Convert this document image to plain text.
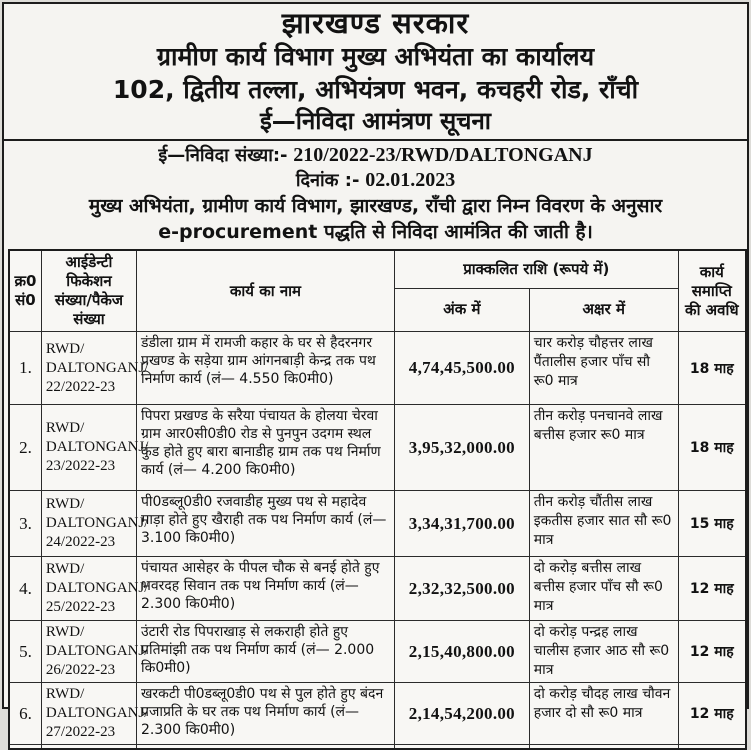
झारखण्ड सरकार
ग्रामीण कार्य विभाग मुख्य अभियंता का कार्यालय
102, द्वितीय तल्ला, अभियंत्रण भवन, कचहरी रोड, राँची
ई—निविदा आमंत्रण सूचना
ई—निविदा संख्या:- 210/2022-23/RWD/DALTONGANJ
दिनांक :- 02.01.2023
मुख्य अभियंता, ग्रामीण कार्य विभाग, झारखण्ड, राँची द्वारा निम्न विवरण के अनुसार
e-procurement पद्धति से निविदा आमंत्रित की जाती है।
क्र0
सं0	आईडेन्टी फिकेशन संख्या/पैकेज संख्या	कार्य का नाम	प्राक्कलित राशि (रूपये में)		कार्य समाप्ति की अवधि
			अंक में	अक्षर में	
1.	RWD/
DALTONGANJ/
22/2022-23	डंडीला ग्राम में रामजी कहार के घर से हैदरनगर प्रखण्ड के सड़ेया ग्राम आंगनबाड़ी केन्द्र तक पथ निर्माण कार्य (लं— 4.550 कि0मी0)	4,74,45,500.00	चार करोड़ चौहत्तर लाख पैंतालीस हजार पाँच सौ रू0 मात्र	18 माह
2.	RWD/
DALTONGANJ/
23/2022-23	पिपरा प्रखण्ड के सरैया पंचायत के होलया चेरवा ग्राम आर0सी0डी0 रोड से पुनपुन उदगम स्थल कुंड होते हुए बारा बानाडीह ग्राम तक पथ निर्माण कार्य (लं— 4.200 कि0मी0)	3,95,32,000.00	तीन करोड़ पनचानवे लाख बत्तीस हजार रू0 मात्र	18 माह
3.	RWD/
DALTONGANJ/
24/2022-23	पी0डब्लू0डी0 रजवाडीह मुख्य पथ से महादेव माड़ा होते हुए खैराही तक पथ निर्माण कार्य (लं— 3.100 कि0मी0)	3,34,31,700.00	तीन करोड़ चौंतीस लाख इकतीस हजार सात सौ रू0 मात्र	15 माह
4.	RWD/
DALTONGANJ/
25/2022-23	पंचायत आसेहर के पीपल चौक से बनई होते हुए भवरदह सिवान तक पथ निर्माण कार्य (लं— 2.300 कि0मी0)	2,32,32,500.00	दो करोड़ बत्तीस लाख बत्तीस हजार पाँच सौ रू0 मात्र	12 माह
5.	RWD/
DALTONGANJ/
26/2022-23	उंटारी रोड पिपराखाड़ से लकराही होते हुए प्रतिमांझी तक पथ निर्माण कार्य (लं— 2.000 कि0मी0)	2,15,40,800.00	दो करोड़ पन्द्रह लाख चालीस हजार आठ सौ रू0 मात्र	12 माह
6.	RWD/
DALTONGANJ/
27/2022-23	खरकटी पी0डब्लू0डी0 पथ से पुल होते हुए बंदन प्रजाप्रति के घर तक पथ निर्माण कार्य (लं— 2.300 कि0मी0)	2,14,54,200.00	दो करोड़ चौदह लाख चौवन हजार दो सौ रू0 मात्र	12 माह
